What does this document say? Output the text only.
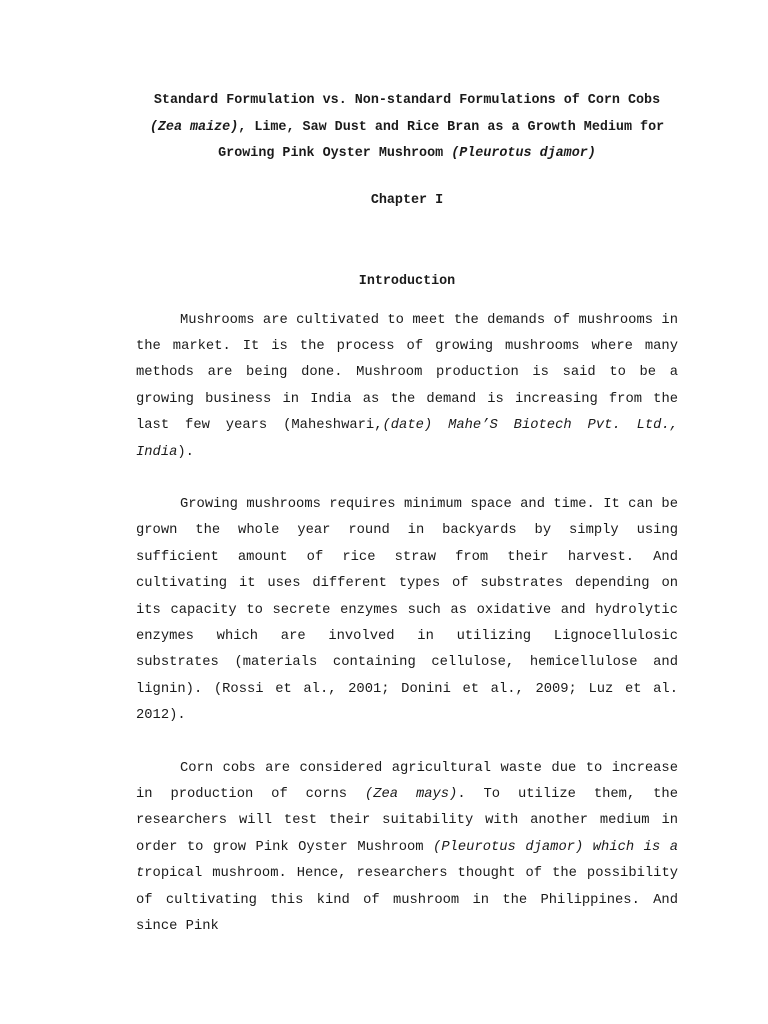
Standard Formulation vs. Non-standard Formulations of Corn Cobs (Zea maize), Lime, Saw Dust and Rice Bran as a Growth Medium for Growing Pink Oyster Mushroom (Pleurotus djamor)

Chapter I

Introduction

Mushrooms are cultivated to meet the demands of mushrooms in the market. It is the process of growing mushrooms where many methods are being done. Mushroom production is said to be a growing business in India as the demand is increasing from the last few years (Maheshwari,(date) Mahe’S Biotech Pvt. Ltd., India).

Growing mushrooms requires minimum space and time. It can be grown the whole year round in backyards by simply using sufficient amount of rice straw from their harvest. And cultivating it uses different types of substrates depending on its capacity to secrete enzymes such as oxidative and hydrolytic enzymes which are involved in utilizing Lignocellulosic substrates (materials containing cellulose, hemicellulose and lignin). (Rossi et al., 2001; Donini et al., 2009; Luz et al. 2012).

Corn cobs are considered agricultural waste due to increase in production of corns (Zea mays). To utilize them, the researchers will test their suitability with another medium in order to grow Pink Oyster Mushroom (Pleurotus djamor) which is a tropical mushroom. Hence, researchers thought of the possibility of cultivating this kind of mushroom in the Philippines. And since Pink
